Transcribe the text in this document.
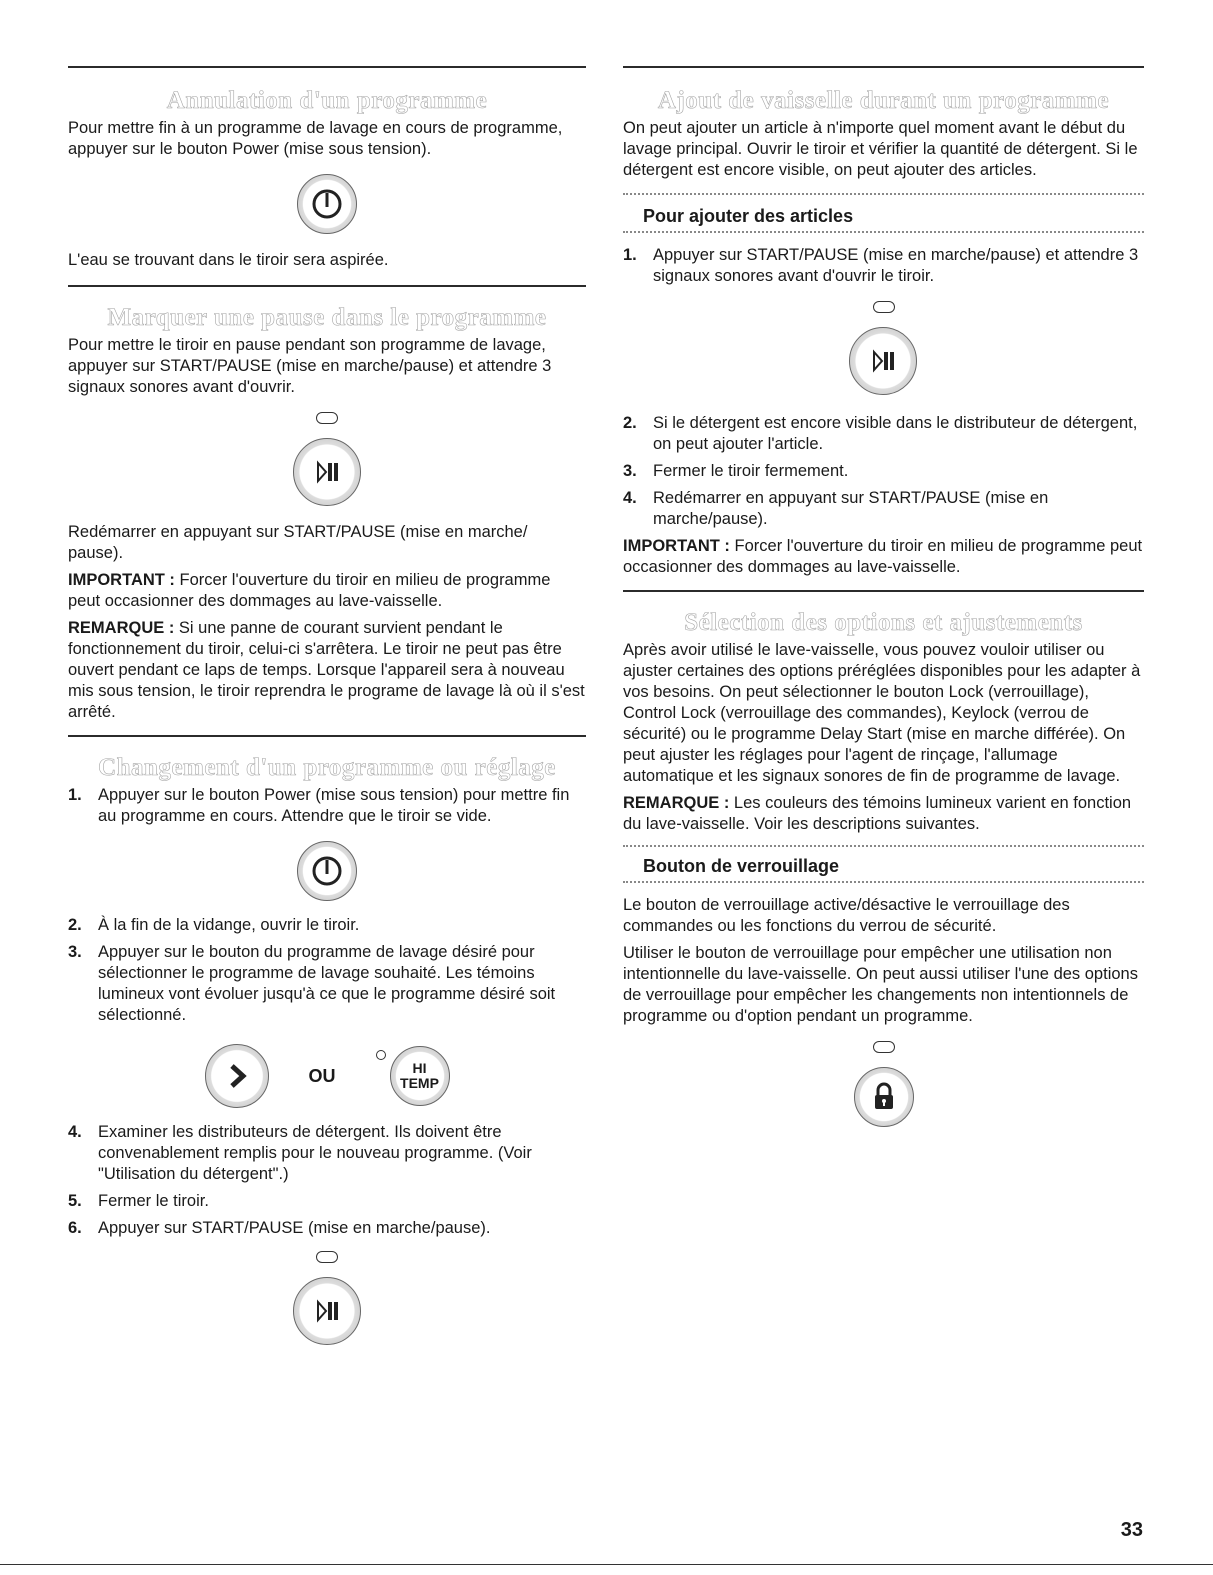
Annulation d'un programme

Pour mettre fin à un programme de lavage en cours de programme, appuyer sur le bouton Power (mise sous tension).

L'eau se trouvant dans le tiroir sera aspirée.

Marquer une pause dans le programme

Pour mettre le tiroir en pause pendant son programme de lavage, appuyer sur START/PAUSE (mise en marche/pause) et attendre 3 signaux sonores avant d'ouvrir.

Redémarrer en appuyant sur START/PAUSE (mise en marche/ pause).

IMPORTANT : Forcer l'ouverture du tiroir en milieu de programme peut occasionner des dommages au lave-vaisselle.

REMARQUE : Si une panne de courant survient pendant le fonctionnement du tiroir, celui-ci s'arrêtera. Le tiroir ne peut pas être ouvert pendant ce laps de temps. Lorsque l'appareil sera à nouveau mis sous tension, le tiroir reprendra le programe de lavage là où il s'est arrêté.

Changement d'un programme ou réglage
1. Appuyer sur le bouton Power (mise sous tension) pour mettre fin au programme en cours. Attendre que le tiroir se vide.
2. À la fin de la vidange, ouvrir le tiroir.
3. Appuyer sur le bouton du programme de lavage désiré pour sélectionner le programme de lavage souhaité. Les témoins lumineux vont évoluer jusqu'à ce que le programme désiré soit sélectionné.
OU	HI
TEMP
4. Examiner les distributeurs de détergent. Ils doivent être convenablement remplis pour le nouveau programme. (Voir "Utilisation du détergent".)
5. Fermer le tiroir.
6. Appuyer sur START/PAUSE (mise en marche/pause).
Ajout de vaisselle durant un programme

On peut ajouter un article à n'importe quel moment avant le début du lavage principal. Ouvrir le tiroir et vérifier la quantité de détergent. Si le détergent est encore visible, on peut ajouter des articles.

Pour ajouter des articles
1. Appuyer sur START/PAUSE (mise en marche/pause) et attendre 3 signaux sonores avant d'ouvrir le tiroir.
2. Si le détergent est encore visible dans le distributeur de détergent, on peut ajouter l'article.
3. Fermer le tiroir fermement.
4. Redémarrer en appuyant sur START/PAUSE (mise en marche/pause).

IMPORTANT : Forcer l'ouverture du tiroir en milieu de programme peut occasionner des dommages au lave-vaisselle.

Sélection des options et ajustements

Après avoir utilisé le lave-vaisselle, vous pouvez vouloir utiliser ou ajuster certaines des options préréglées disponibles pour les adapter à vos besoins. On peut sélectionner le bouton Lock (verrouillage), Control Lock (verrouillage des commandes), Keylock (verrou de sécurité) ou le programme Delay Start (mise en marche différée). On peut ajuster les réglages pour l'agent de rinçage, l'allumage automatique et les signaux sonores de fin de programme de lavage.

REMARQUE : Les couleurs des témoins lumineux varient en fonction du lave-vaisselle. Voir les descriptions suivantes.

Bouton de verrouillage

Le bouton de verrouillage active/désactive le verrouillage des commandes ou les fonctions du verrou de sécurité.

Utiliser le bouton de verrouillage pour empêcher une utilisation non intentionnelle du lave-vaisselle. On peut aussi utiliser l'une des options de verrouillage pour empêcher les changements non intentionnels de programme ou d'option pendant un programme.

33
